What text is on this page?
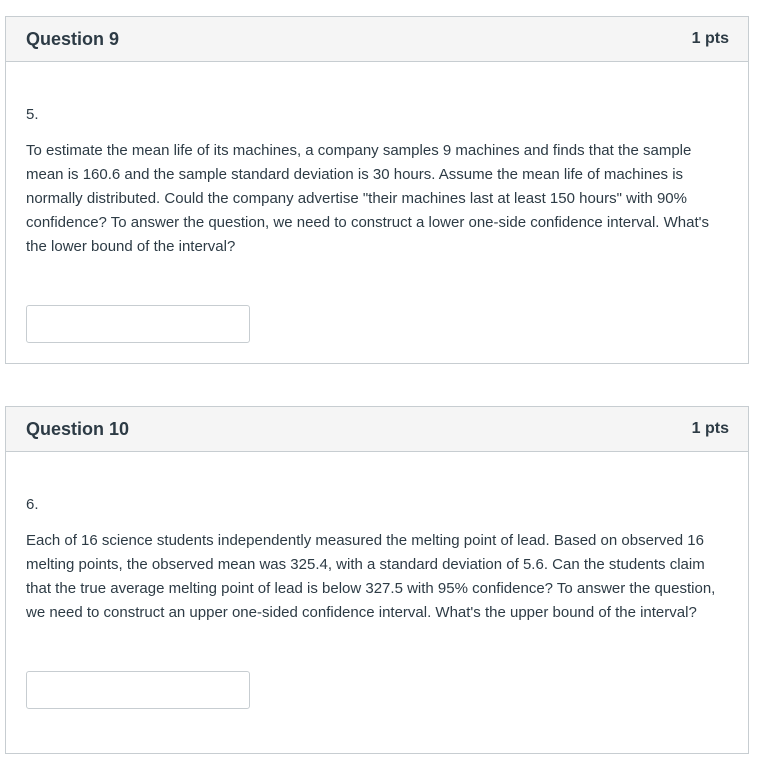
Question 9	1 pts

5.

To estimate the mean life of its machines, a company samples 9 machines and finds that the sample mean is 160.6 and the sample standard deviation is 30 hours. Assume the mean life of machines is normally distributed. Could the company advertise "their machines last at least 150 hours" with 90% confidence? To answer the question, we need to construct a lower one-side confidence interval. What's the lower bound of the interval?

Question 10	1 pts

6.

Each of 16 science students independently measured the melting point of lead. Based on observed 16 melting points, the observed mean was 325.4, with a standard deviation of 5.6. Can the students claim that the true average melting point of lead is below 327.5 with 95% confidence? To answer the question, we need to construct an upper one-sided confidence interval. What's the upper bound of the interval?
